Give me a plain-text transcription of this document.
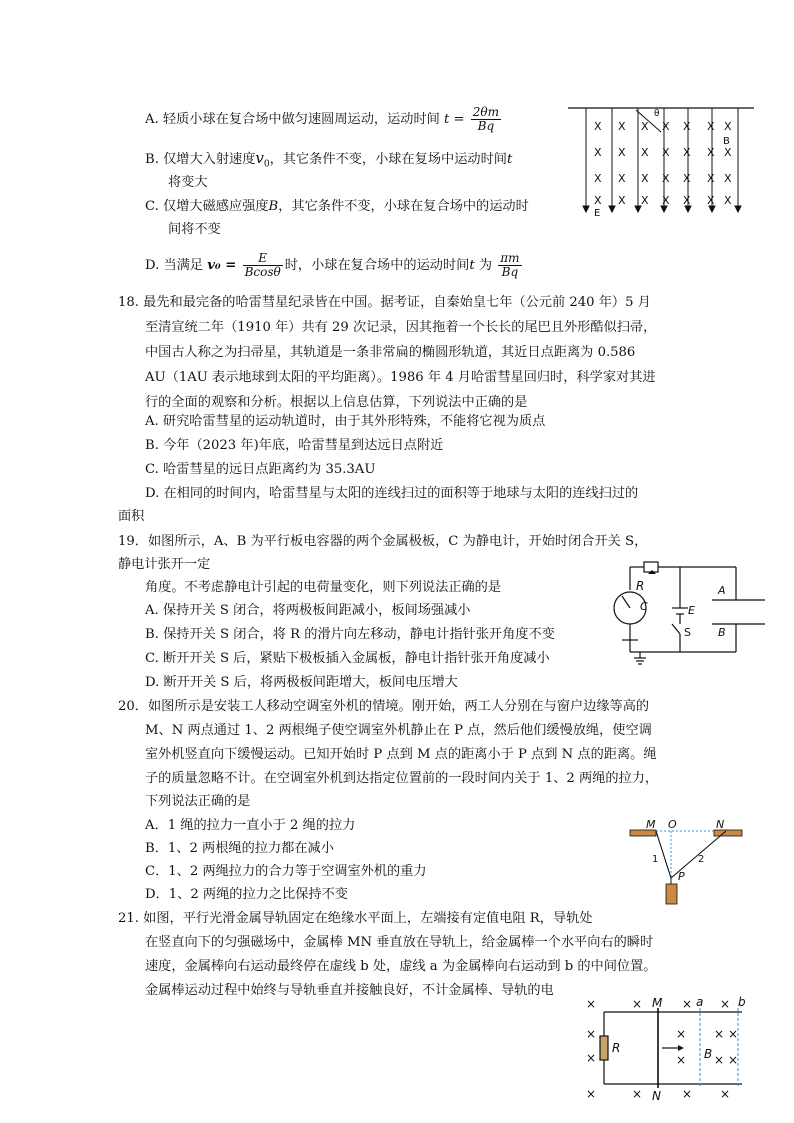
A. 轻质小球在复合场中做匀速圆周运动，运动时间 $t = \frac{2\theta m}{Bq}$
B. 仅增大入射速度$v_0$，其它条件不变，小球在复场中运动时间t
将变大
C. 仅增大磁感应强度B，其它条件不变，小球在复合场中的运动时
间将不变
D. 当满足 $v_0 = \frac{E}{Bcos\theta}$ 时，小球在复合场中的运动时间t 为 $\frac{\pi m}{Bq}$
X X X X X X X
X X X X X X X
X X X X X X X
X X X X X X X
θ
B
E
18. 最先和最完备的哈雷彗星纪录皆在中国。据考证，自秦始皇七年（公元前 240 年）5 月
至清宣统二年（1910 年）共有 29 次记录，因其拖着一个长长的尾巴且外形酷似扫帚，
中国古人称之为扫帚星，其轨道是一条非常扁的椭圆形轨道，其近日点距离为 0.586
AU（1AU 表示地球到太阳的平均距离）。1986 年 4 月哈雷彗星回归时，科学家对其进
行的全面的观察和分析。根据以上信息估算，下列说法中正确的是
A. 研究哈雷彗星的运动轨道时，由于其外形特殊，不能将它视为质点
B. 今年（2023 年)年底，哈雷彗星到达远日点附近
C. 哈雷彗星的远日点距离约为 35.3AU
D. 在相同的时间内，哈雷彗星与太阳的连线扫过的面积等于地球与太阳的连线扫过的
面积
19．如图所示，A、B 为平行板电容器的两个金属极板，C 为静电计，开始时闭合开关 S，
静电计张开一定
角度。不考虑静电计引起的电荷量变化，则下列说法正确的是
A. 保持开关 S 闭合，将两极板间距减小，板间场强减小
B. 保持开关 S 闭合，将 R 的滑片向左移动，静电计指针张开角度不变
C. 断开开关 S 后，紧贴下极板插入金属板，静电计指针张开角度减小
D. 断开开关 S 后，将两极板间距增大，板间电压增大
R
C	E
S
A
B
20．如图所示是安装工人移动空调室外机的情境。刚开始，两工人分别在与窗户边缘等高的
M、N 两点通过 1、2 两根绳子使空调室外机静止在 P 点，然后他们缓慢放绳，使空调
室外机竖直向下缓慢运动。已知开始时 P 点到 M 点的距离小于 P 点到 N 点的距离。绳
子的质量忽略不计。在空调室外机到达指定位置前的一段时间内关于 1、2 两绳的拉力，
下列说法正确的是
A．1 绳的拉力一直小于 2 绳的拉力
B．1、2 两根绳的拉力都在减小
C．1、2 两绳拉力的合力等于空调室外机的重力
D．1、2 两绳的拉力之比保持不变
M O	N
1	2
P
21. 如图，平行光滑金属导轨固定在绝缘水平面上，左端接有定值电阻 R，导轨处
在竖直向下的匀强磁场中，金属棒 MN 垂直放在导轨上，给金属棒一个水平向右的瞬时
速度，金属棒向右运动最终停在虚线 b 处，虚线 a 为金属棒向右运动到 b 的中间位置。
金属棒运动过程中始终与导轨垂直并接触良好，不计金属棒、导轨的电
×	×	× ×
×
×
×	×	× ×
×
×
×
×
×
×
M
N
a	b
R	B
